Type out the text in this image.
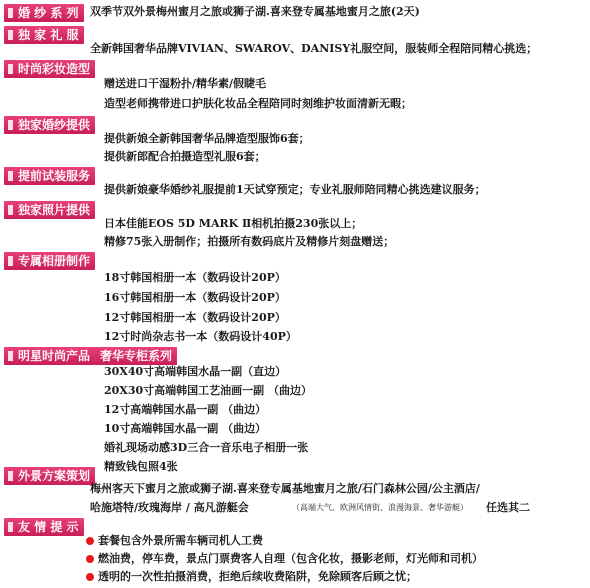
婚 纱 系 列	双季节双外景梅州蜜月之旅或狮子湖.喜来登专属基地蜜月之旅(2天)
独 家 礼 服
全新韩国奢华品牌VIVIAN、SWAROV、DANISY礼服空间，服装师全程陪同精心挑选；
时尚彩妆造型
赠送进口干湿粉扑/精华素/假睫毛
造型老师携带进口护肤化妆品全程陪同时刻维护妆面清新无暇；
独家婚纱提供
提供新娘全新韩国奢华品牌造型服饰6套；
提供新郎配合拍摄造型礼服6套；
提前试装服务
提供新娘豪华婚纱礼服提前1天试穿预定；专业礼服师陪同精心挑选建议服务；
独家照片提供
日本佳能EOS 5D MARK Ⅱ相机拍摄230张以上；
精修75张入册制作；拍摄所有数码底片及精修片刻盘赠送；
专属相册制作
18寸韩国相册一本（数码设计20P）
16寸韩国相册一本（数码设计20P）
12寸韩国相册一本（数码设计20P）
12寸时尚杂志书一本（数码设计40P）
明星时尚产品 奢华专柜系列
30X40寸高端韩国水晶一副（直边）
20X30寸高端韩国工艺油画一副 （曲边）
12寸高端韩国水晶一副 （曲边）
10寸高端韩国水晶一副 （曲边）
婚礼现场动感3D三合一音乐电子相册一张
精致钱包照4张
外景方案策划
梅州客天下蜜月之旅或狮子湖.喜来登专属基地蜜月之旅/石门森林公园/公主酒店/
哈施塔特/玫瑰海岸 / 高凡游艇会	（高端大气、欧洲风情街、浪漫海景、奢华游艇） 任选其二
友 情 提 示
套餐包含外景所需车辆司机人工费
燃油费，停车费，景点门票费客人自理（包含化妆，摄影老师，灯光师和司机）
透明的一次性拍摄消费，拒绝后续收费陷阱，免除顾客后顾之忧；
